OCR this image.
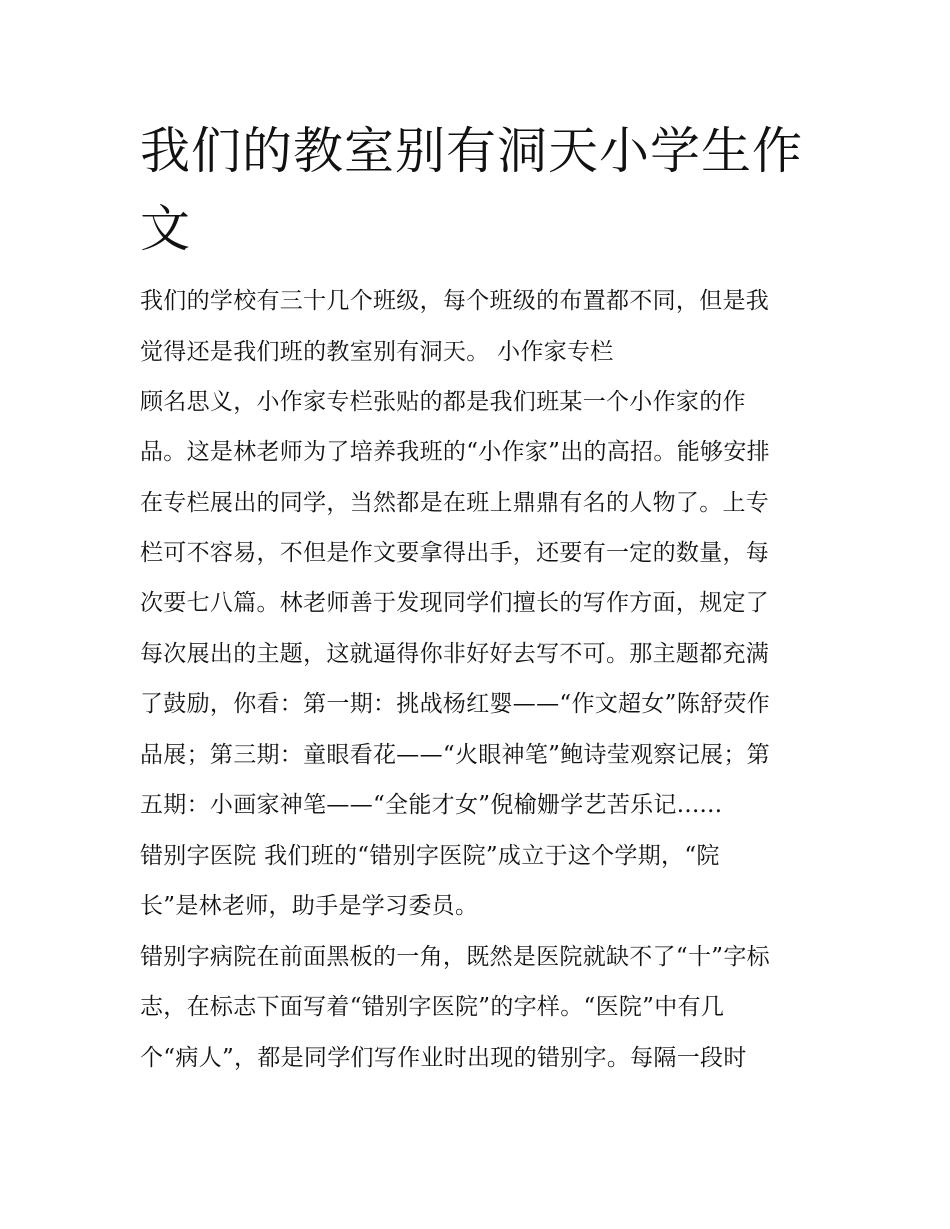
我们的教室别有洞天小学生作
文

我们的学校有三十几个班级，每个班级的布置都不同，但是我

觉得还是我们班的教室别有洞天。 小作家专栏

顾名思义，小作家专栏张贴的都是我们班某一个小作家的作

品。这是林老师为了培养我班的“小作家”出的高招。能够安排

在专栏展出的同学，当然都是在班上鼎鼎有名的人物了。上专

栏可不容易，不但是作文要拿得出手，还要有一定的数量，每

次要七八篇。林老师善于发现同学们擅长的写作方面，规定了

每次展出的主题，这就逼得你非好好去写不可。那主题都充满

了鼓励，你看：第一期：挑战杨红婴——“作文超女”陈舒荧作

品展；第三期：童眼看花——“火眼神笔”鲍诗莹观察记展；第

五期：小画家神笔——“全能才女”倪榆姗学艺苦乐记......

错别字医院 我们班的“错别字医院”成立于这个学期，“院

长”是林老师，助手是学习委员。

错别字病院在前面黑板的一角，既然是医院就缺不了“十”字标

志，在标志下面写着“错别字医院”的字样。“医院”中有几

个“病人”，都是同学们写作业时出现的错别字。每隔一段时
